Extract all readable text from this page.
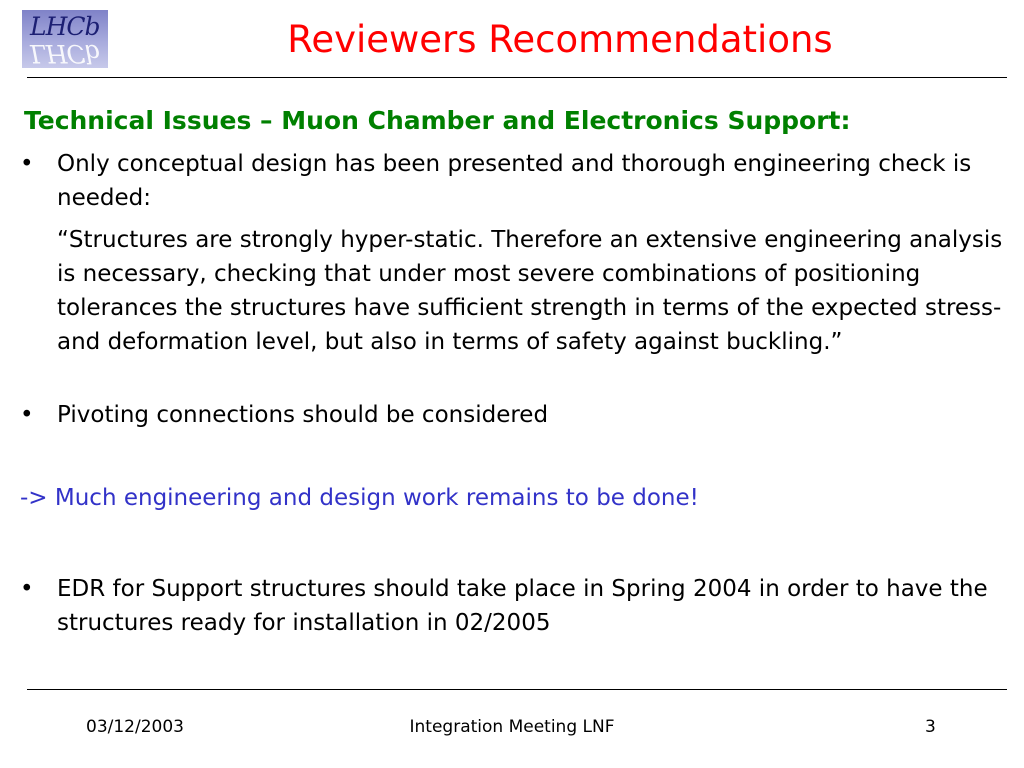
LHCb
LHCb	Reviewers Recommendations
Technical Issues – Muon Chamber and Electronics Support:
•	Only conceptual design has been presented and thorough engineering check is needed:
“Structures are strongly hyper-static. Therefore an extensive engineering analysis is necessary, checking that under most severe combinations of positioning tolerances the structures have sufficient strength in terms of the expected stress- and deformation level, but also in terms of safety against buckling.”
•	Pivoting connections should be considered
-> Much engineering and design work remains to be done!
•	EDR for Support structures should take place in Spring 2004 in order to have the structures ready for installation in 02/2005
03/12/2003	Integration Meeting LNF	3
